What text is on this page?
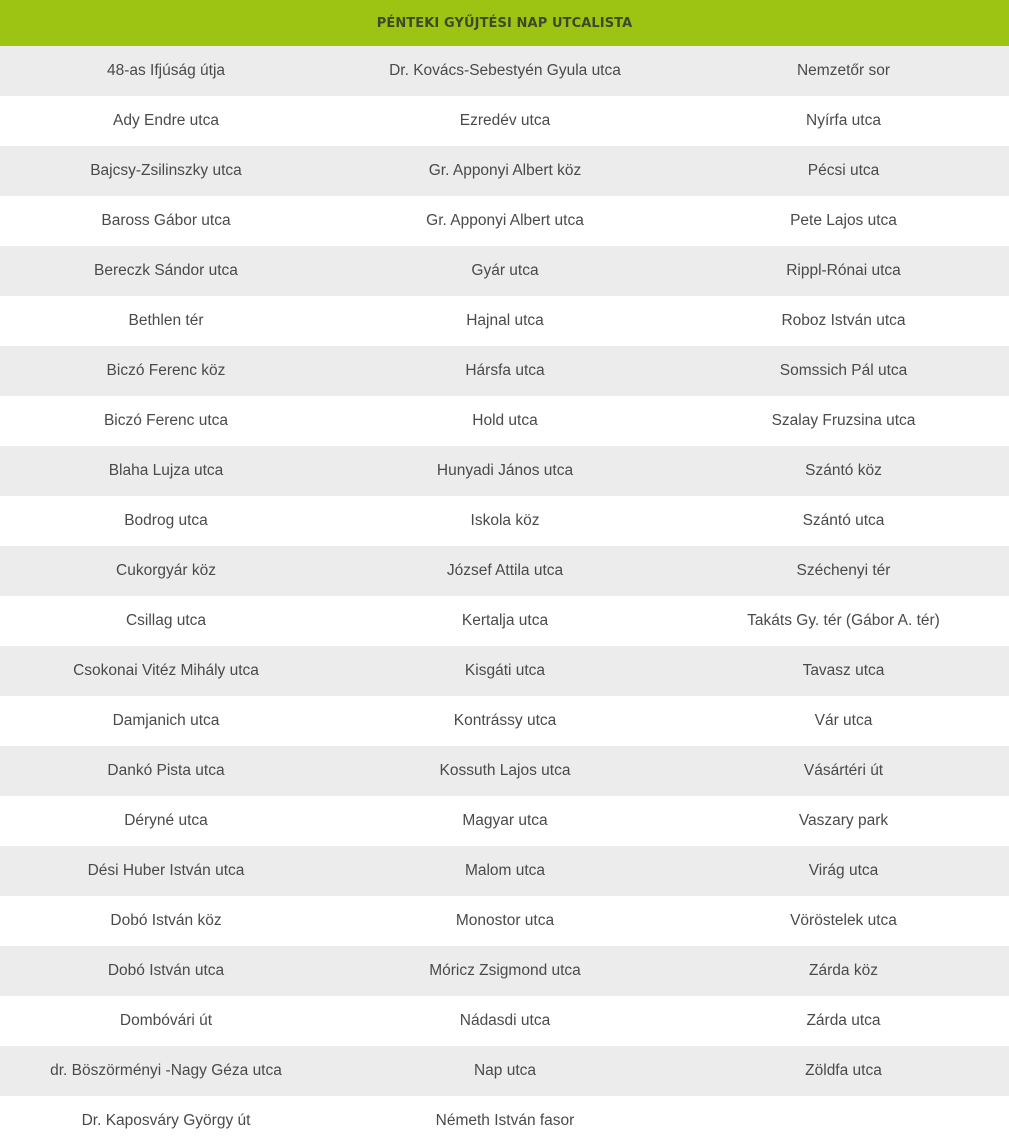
PÉNTEKI GYŰJTÉSI NAP UTCALISTA		
48-as Ifjúság útja	Dr. Kovács-Sebestyén Gyula utca	Nemzetőr sor
Ady Endre utca	Ezredév utca	Nyírfa utca
Bajcsy-Zsilinszky utca	Gr. Apponyi Albert köz	Pécsi utca
Baross Gábor utca	Gr. Apponyi Albert utca	Pete Lajos utca
Bereczk Sándor utca	Gyár utca	Rippl-Rónai utca
Bethlen tér	Hajnal utca	Roboz István utca
Biczó Ferenc köz	Hársfa utca	Somssich Pál utca
Biczó Ferenc utca	Hold utca	Szalay Fruzsina utca
Blaha Lujza utca	Hunyadi János utca	Szántó köz
Bodrog utca	Iskola köz	Szántó utca
Cukorgyár köz	József Attila utca	Széchenyi tér
Csillag utca	Kertalja utca	Takáts Gy. tér (Gábor A. tér)
Csokonai Vitéz Mihály utca	Kisgáti utca	Tavasz utca
Damjanich utca	Kontrássy utca	Vár utca
Dankó Pista utca	Kossuth Lajos utca	Vásártéri út
Déryné utca	Magyar utca	Vaszary park
Dési Huber István utca	Malom utca	Virág utca
Dobó István köz	Monostor utca	Vöröstelek utca
Dobó István utca	Móricz Zsigmond utca	Zárda köz
Dombóvári út	Nádasdi utca	Zárda utca
dr. Böszörményi -Nagy Géza utca	Nap utca	Zöldfa utca
Dr. Kaposváry György út	Németh István fasor	
